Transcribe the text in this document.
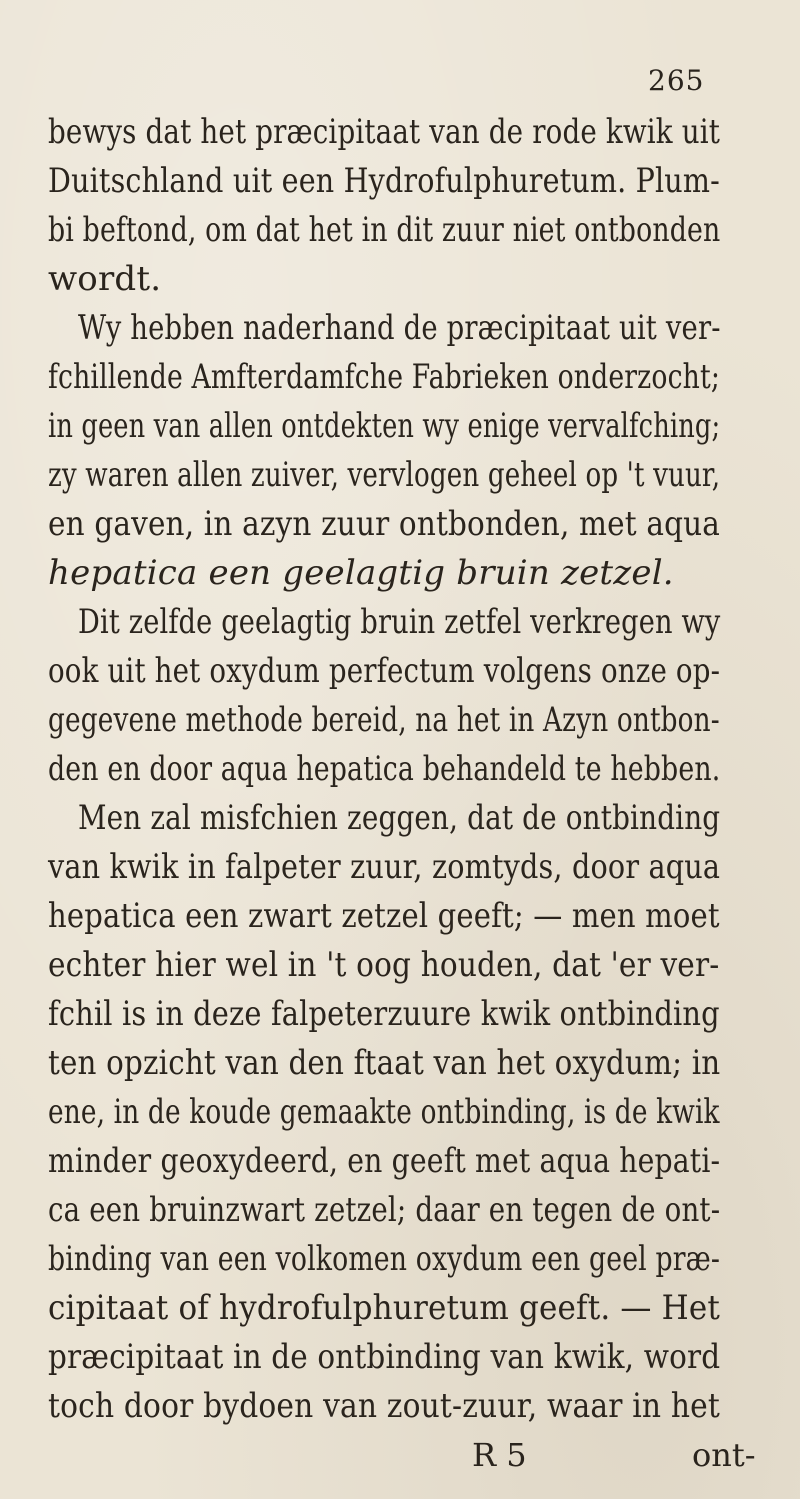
265
bewys dat het præcipitaat van de rode kwik uit
Duitschland uit een Hydrofulphuretum. Plum-
bi beftond, om dat het in dit zuur niet ontbonden
wordt.
Wy hebben naderhand de præcipitaat uit ver-
fchillende Amfterdamfche Fabrieken onderzocht;
in geen van allen ontdekten wy enige vervalfching;
zy waren allen zuiver, vervlogen geheel op 't vuur,
en gaven, in azyn zuur ontbonden, met aqua
hepatica een geelagtig bruin zetzel.
Dit zelfde geelagtig bruin zetfel verkregen wy
ook uit het oxydum perfectum volgens onze op-
gegevene methode bereid, na het in Azyn ontbon-
den en door aqua hepatica behandeld te hebben.
Men zal misfchien zeggen, dat de ontbinding
van kwik in falpeter zuur, zomtyds, door aqua
hepatica een zwart zetzel geeft; — men moet
echter hier wel in 't oog houden, dat 'er ver-
fchil is in deze falpeterzuure kwik ontbinding
ten opzicht van den ftaat van het oxydum; in
ene, in de koude gemaakte ontbinding, is de kwik
minder geoxydeerd, en geeft met aqua hepati-
ca een bruinzwart zetzel; daar en tegen de ont-
binding van een volkomen oxydum een geel præ-
cipitaat of hydrofulphuretum geeft. — Het
præcipitaat in de ontbinding van kwik, word
toch door bydoen van zout-zuur, waar in het
R 5	ont-
